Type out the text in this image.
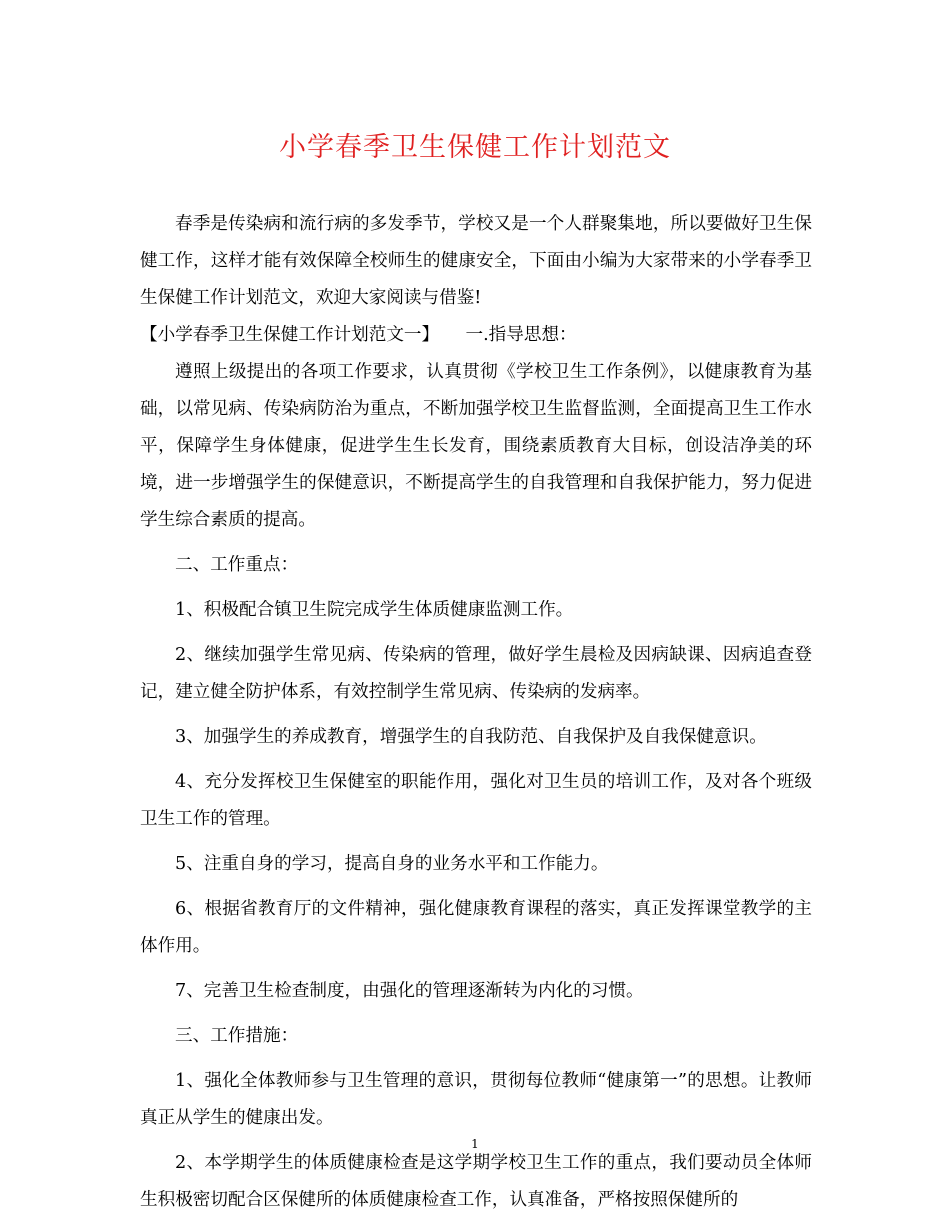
小学春季卫生保健工作计划范文

春季是传染病和流行病的多发季节，学校又是一个人群聚集地，所以要做好卫生保健工作，这样才能有效保障全校师生的健康安全，下面由小编为大家带来的小学春季卫生保健工作计划范文，欢迎大家阅读与借鉴!

【小学春季卫生保健工作计划范文一】　　一.指导思想：

遵照上级提出的各项工作要求，认真贯彻《学校卫生工作条例》，以健康教育为基础，以常见病、传染病防治为重点，不断加强学校卫生监督监测，全面提高卫生工作水平，保障学生身体健康，促进学生生长发育，围绕素质教育大目标，创设洁净美的环境，进一步增强学生的保健意识，不断提高学生的自我管理和自我保护能力，努力促进学生综合素质的提高。

二、工作重点：

1、积极配合镇卫生院完成学生体质健康监测工作。

2、继续加强学生常见病、传染病的管理，做好学生晨检及因病缺课、因病追查登记，建立健全防护体系，有效控制学生常见病、传染病的发病率。

3、加强学生的养成教育，增强学生的自我防范、自我保护及自我保健意识。

4、充分发挥校卫生保健室的职能作用，强化对卫生员的培训工作，及对各个班级卫生工作的管理。

5、注重自身的学习，提高自身的业务水平和工作能力。

6、根据省教育厅的文件精神，强化健康教育课程的落实，真正发挥课堂教学的主体作用。

7、完善卫生检查制度，由强化的管理逐渐转为内化的习惯。

三、工作措施：

1、强化全体教师参与卫生管理的意识，贯彻每位教师“健康第一”的思想。让教师真正从学生的健康出发。

2、本学期学生的体质健康检查是这学期学校卫生工作的重点，我们要动员全体师生积极密切配合区保健所的体质健康检查工作，认真准备，严格按照保健所的

1
